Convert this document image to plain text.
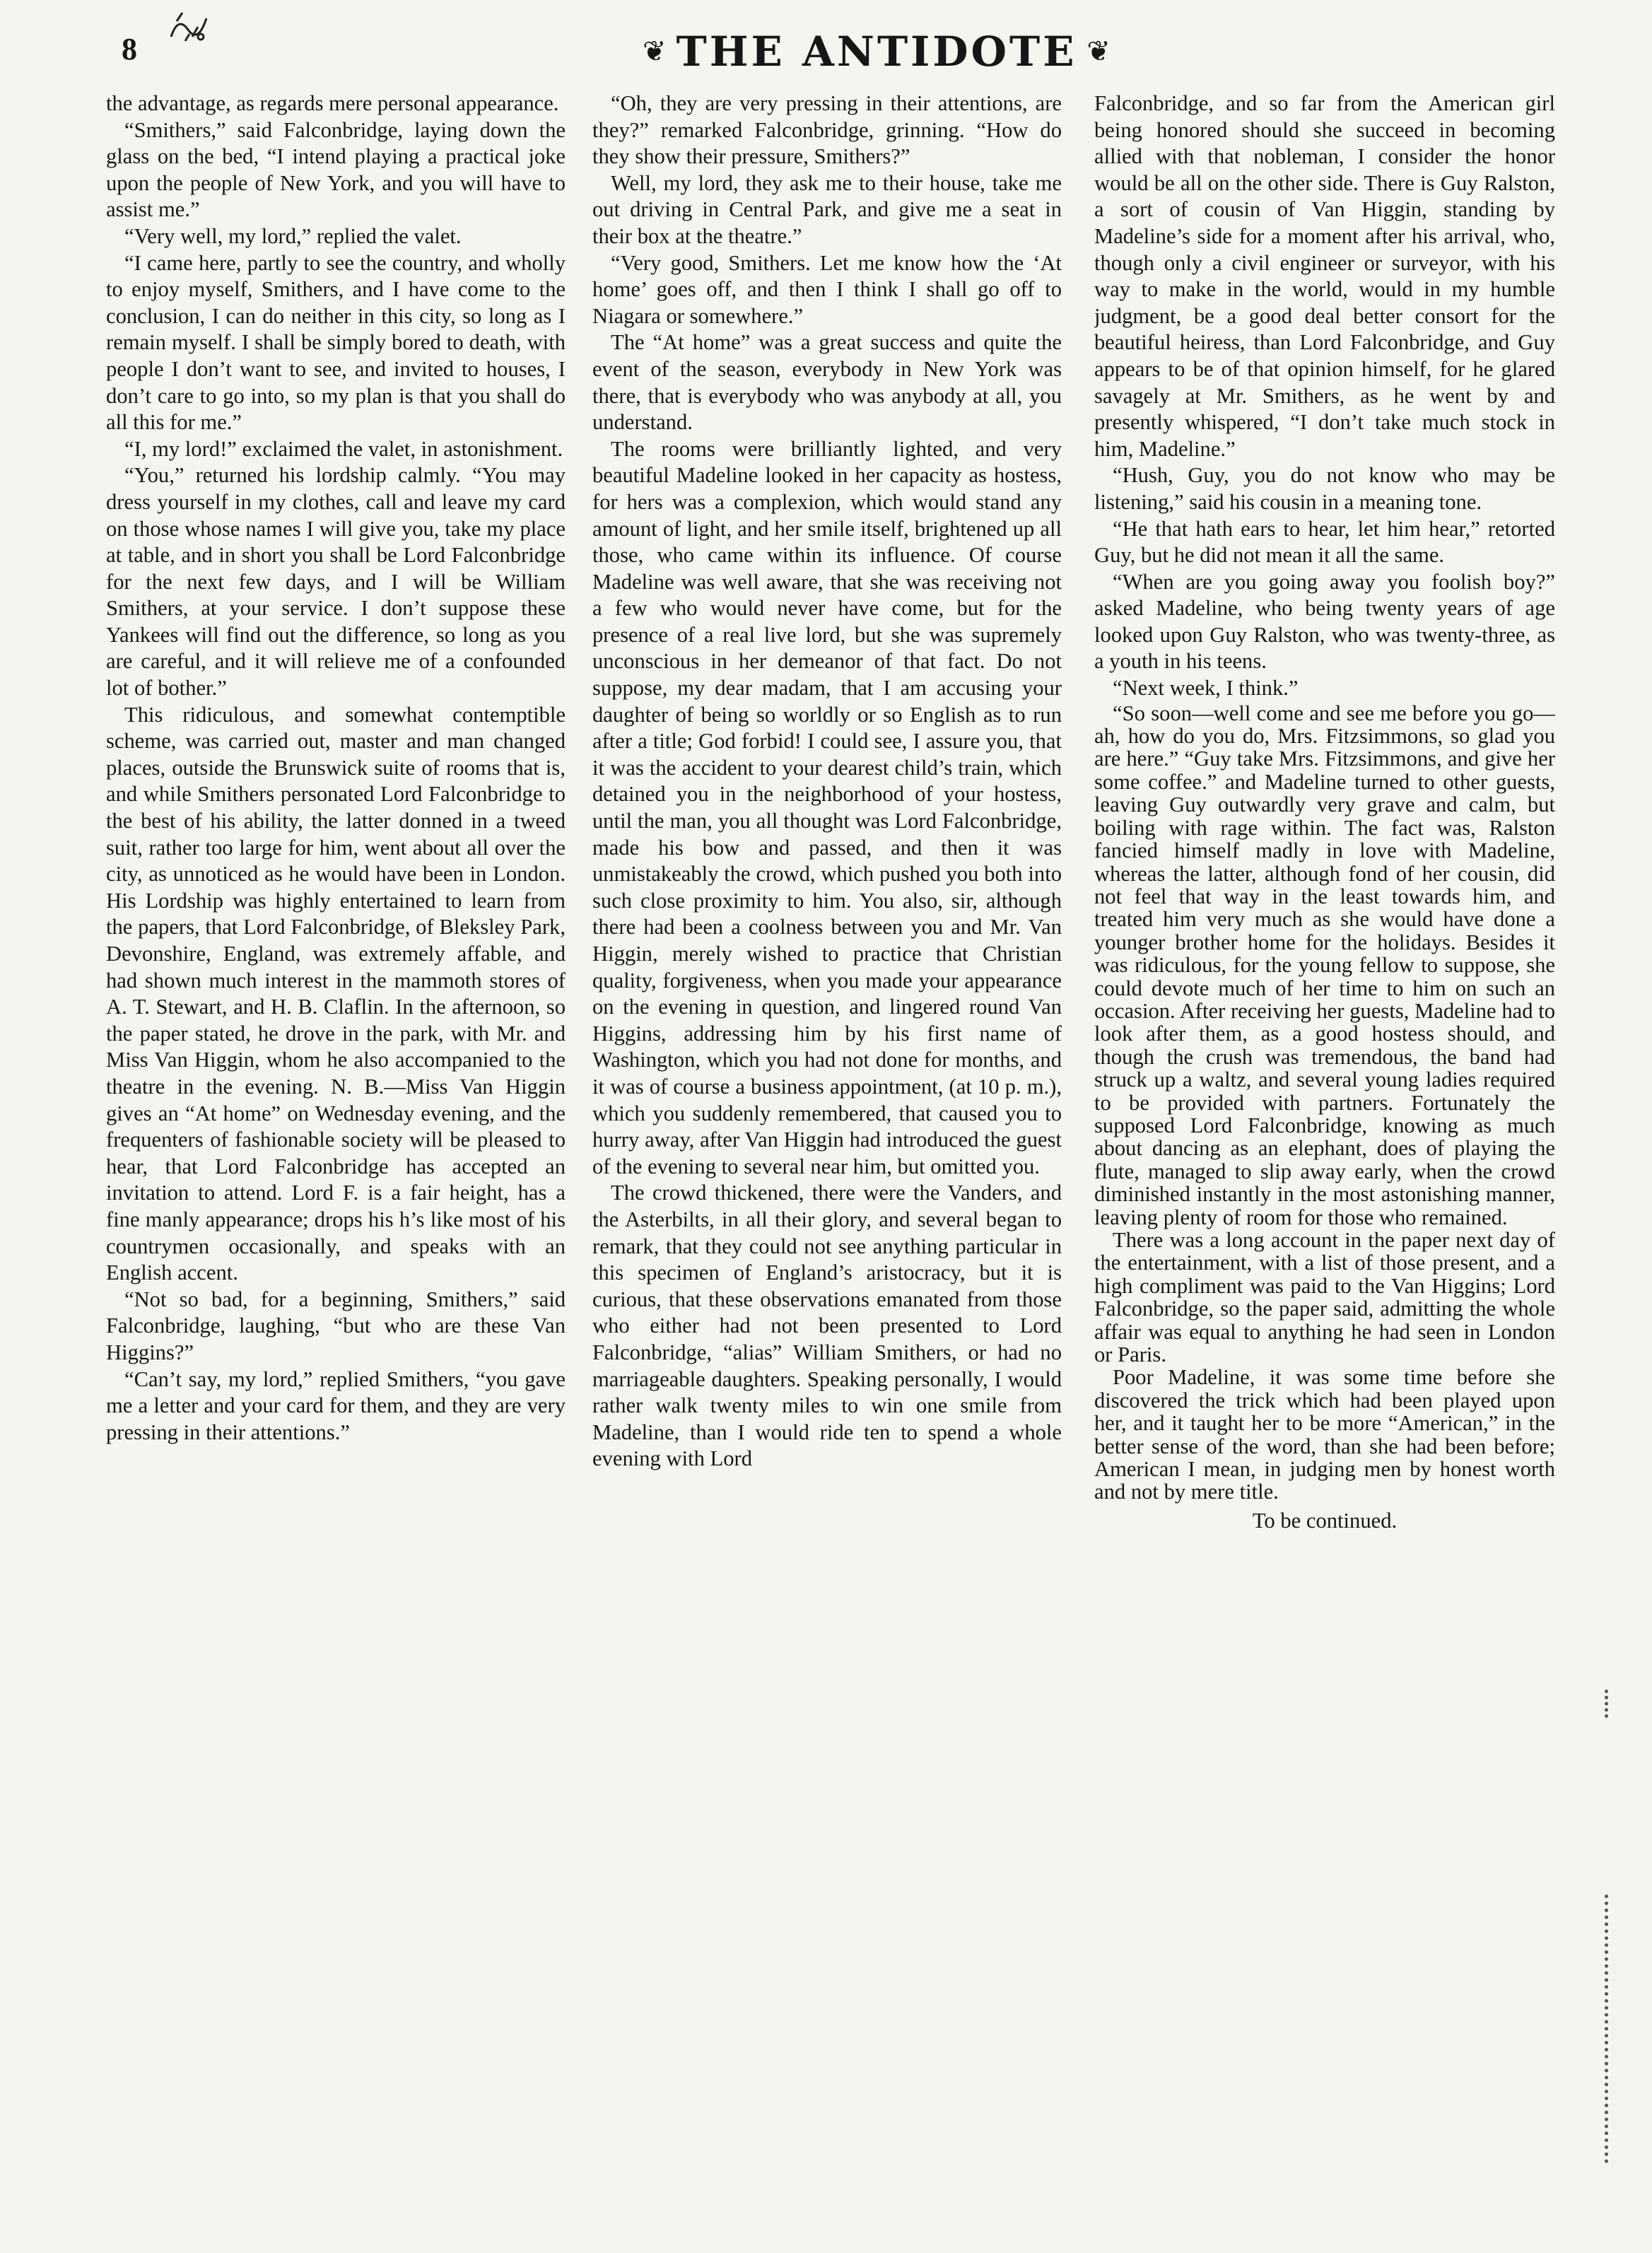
8	❦ THE ANTIDOTE ❦

the advantage, as regards mere personal appearance.

“Smithers,” said Falconbridge, laying down the glass on the bed, “I intend playing a practical joke upon the people of New York, and you will have to assist me.”

“Very well, my lord,” replied the valet.

“I came here, partly to see the country, and wholly to enjoy myself, Smithers, and I have come to the conclusion, I can do neither in this city, so long as I remain myself. I shall be simply bored to death, with people I don’t want to see, and invited to houses, I don’t care to go into, so my plan is that you shall do all this for me.”

“I, my lord!” exclaimed the valet, in astonishment.

“You,” returned his lordship calmly. “You may dress yourself in my clothes, call and leave my card on those whose names I will give you, take my place at table, and in short you shall be Lord Falconbridge for the next few days, and I will be William Smithers, at your service. I don’t suppose these Yankees will find out the difference, so long as you are careful, and it will relieve me of a confounded lot of bother.”

This ridiculous, and somewhat contemptible scheme, was carried out, master and man changed places, outside the Brunswick suite of rooms that is, and while Smithers personated Lord Falconbridge to the best of his ability, the latter donned in a tweed suit, rather too large for him, went about all over the city, as unnoticed as he would have been in London. His Lordship was highly entertained to learn from the papers, that Lord Falconbridge, of Bleksley Park, Devonshire, England, was extremely affable, and had shown much interest in the mammoth stores of A. T. Stewart, and H. B. Claflin. In the afternoon, so the paper stated, he drove in the park, with Mr. and Miss Van Higgin, whom he also accompanied to the theatre in the evening. N. B.—Miss Van Higgin gives an “At home” on Wednesday evening, and the frequenters of fashionable society will be pleased to hear, that Lord Falconbridge has accepted an invitation to attend. Lord F. is a fair height, has a fine manly appearance; drops his h’s like most of his countrymen occasionally, and speaks with an English accent.

“Not so bad, for a beginning, Smithers,” said Falconbridge, laughing, “but who are these Van Higgins?”

“Can’t say, my lord,” replied Smithers, “you gave me a letter and your card for them, and they are very pressing in their attentions.”

“Oh, they are very pressing in their attentions, are they?” remarked Falconbridge, grinning. “How do they show their pressure, Smithers?”

Well, my lord, they ask me to their house, take me out driving in Central Park, and give me a seat in their box at the theatre.”

“Very good, Smithers. Let me know how the ‘At home’ goes off, and then I think I shall go off to Niagara or somewhere.”

The “At home” was a great success and quite the event of the season, everybody in New York was there, that is everybody who was anybody at all, you understand.

The rooms were brilliantly lighted, and very beautiful Madeline looked in her capacity as hostess, for hers was a complexion, which would stand any amount of light, and her smile itself, brightened up all those, who came within its influence. Of course Madeline was well aware, that she was receiving not a few who would never have come, but for the presence of a real live lord, but she was supremely unconscious in her demeanor of that fact. Do not suppose, my dear madam, that I am accusing your daughter of being so worldly or so English as to run after a title; God forbid! I could see, I assure you, that it was the accident to your dearest child’s train, which detained you in the neighborhood of your hostess, until the man, you all thought was Lord Falconbridge, made his bow and passed, and then it was unmistakeably the crowd, which pushed you both into such close proximity to him. You also, sir, although there had been a coolness between you and Mr. Van Higgin, merely wished to practice that Christian quality, forgiveness, when you made your appearance on the evening in question, and lingered round Van Higgins, addressing him by his first name of Washington, which you had not done for months, and it was of course a business appointment, (at 10 p. m.), which you suddenly remembered, that caused you to hurry away, after Van Higgin had introduced the guest of the evening to several near him, but omitted you.

The crowd thickened, there were the Vanders, and the Asterbilts, in all their glory, and several began to remark, that they could not see anything particular in this specimen of England’s aristocracy, but it is curious, that these observations emanated from those who either had not been presented to Lord Falconbridge, “alias” William Smithers, or had no marriageable daughters. Speaking personally, I would rather walk twenty miles to win one smile from Madeline, than I would ride ten to spend a whole evening with Lord

Falconbridge, and so far from the American girl being honored should she succeed in becoming allied with that nobleman, I consider the honor would be all on the other side. There is Guy Ralston, a sort of cousin of Van Higgin, standing by Madeline’s side for a moment after his arrival, who, though only a civil engineer or surveyor, with his way to make in the world, would in my humble judgment, be a good deal better consort for the beautiful heiress, than Lord Falconbridge, and Guy appears to be of that opinion himself, for he glared savagely at Mr. Smithers, as he went by and presently whispered, “I don’t take much stock in him, Madeline.”

“Hush, Guy, you do not know who may be listening,” said his cousin in a meaning tone.

“He that hath ears to hear, let him hear,” retorted Guy, but he did not mean it all the same.

“When are you going away you foolish boy?” asked Madeline, who being twenty years of age looked upon Guy Ralston, who was twenty-three, as a youth in his teens.

“Next week, I think.”

“So soon—well come and see me before you go—ah, how do you do, Mrs. Fitzsimmons, so glad you are here.” “Guy take Mrs. Fitzsimmons, and give her some coffee.” and Madeline turned to other guests, leaving Guy outwardly very grave and calm, but boiling with rage within. The fact was, Ralston fancied himself madly in love with Madeline, whereas the latter, although fond of her cousin, did not feel that way in the least towards him, and treated him very much as she would have done a younger brother home for the holidays. Besides it was ridiculous, for the young fellow to suppose, she could devote much of her time to him on such an occasion. After receiving her guests, Madeline had to look after them, as a good hostess should, and though the crush was tremendous, the band had struck up a waltz, and several young ladies required to be provided with partners. Fortunately the supposed Lord Falconbridge, knowing as much about dancing as an elephant, does of playing the flute, managed to slip away early, when the crowd diminished instantly in the most astonishing manner, leaving plenty of room for those who remained.

There was a long account in the paper next day of the entertainment, with a list of those present, and a high compliment was paid to the Van Higgins; Lord Falconbridge, so the paper said, admitting the whole affair was equal to anything he had seen in London or Paris.

Poor Madeline, it was some time before she discovered the trick which had been played upon her, and it taught her to be more “American,” in the better sense of the word, than she had been before; American I mean, in judging men by honest worth and not by mere title.

To be continued.
